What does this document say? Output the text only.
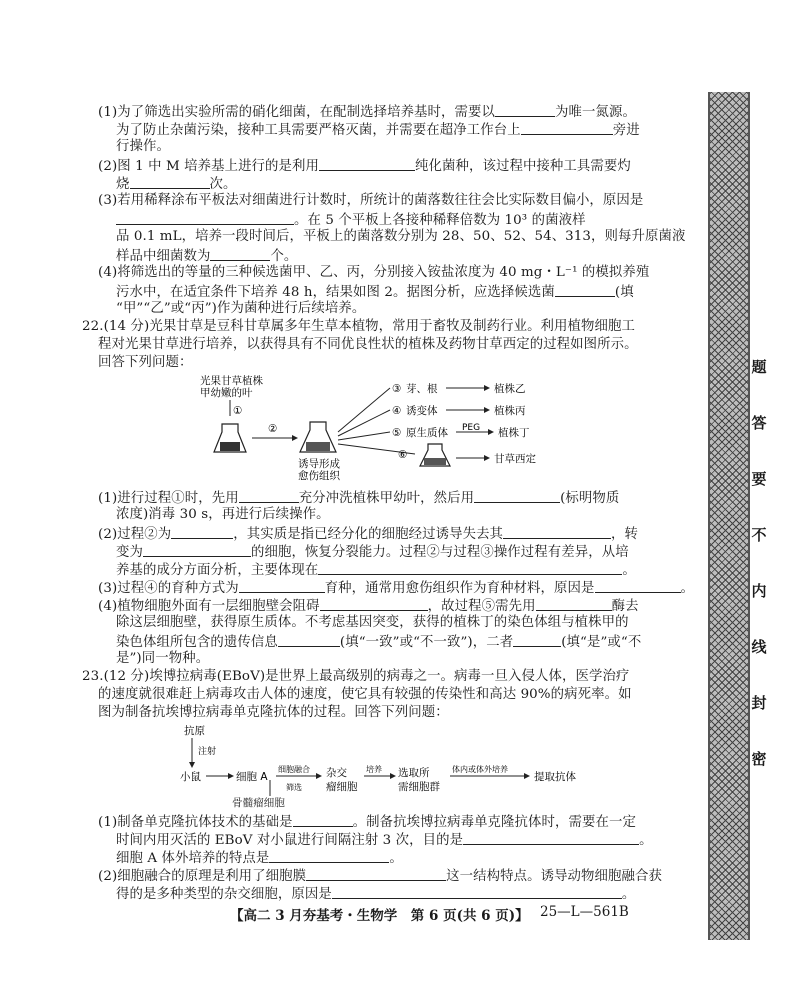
题
答
要
不
内
线
封
密
(1)为了筛选出实验所需的硝化细菌，在配制选择培养基时，需要以	为唯一氮源。
为了防止杂菌污染，接种工具需要严格灭菌，并需要在超净工作台上	旁进
行操作。
(2)图 1 中 M 培养基上进行的是利用	纯化菌种，该过程中接种工具需要灼
烧	次。
(3)若用稀释涂布平板法对细菌进行计数时，所统计的菌落数往往会比实际数目偏小，原因是
。在 5 个平板上各接种稀释倍数为 10³ 的菌液样
品 0.1 mL，培养一段时间后，平板上的菌落数分别为 28、50、52、54、313，则每升原菌液
样品中细菌数为	个。
(4)将筛选出的等量的三种候选菌甲、乙、丙，分别接入铵盐浓度为 40 mg・L⁻¹ 的模拟养殖
污水中，在适宜条件下培养 48 h，结果如图 2。据图分析，应选择候选菌	(填
“甲”“乙”或“丙”)作为菌种进行后续培养。
22.(14 分)光果甘草是豆科甘草属多年生草本植物，常用于畜牧及制药行业。利用植物细胞工
程对光果甘草进行培养，以获得具有不同优良性状的植株及药物甘草西定的过程如图所示。
回答下列问题：
光果甘草植株
甲幼嫩的叶
①
②
诱导形成
愈伤组织
③ 芽、根	植株乙
④ 诱变体	植株丙
⑤ 原生质体 PEG 植株丁
⑥	甘草西定
(1)进行过程①时，先用	充分冲洗植株甲幼叶，然后用	(标明物质
浓度)消毒 30 s，再进行后续操作。
(2)过程②为	，其实质是指已经分化的细胞经过诱导失去其	，转
变为	的细胞，恢复分裂能力。过程②与过程③操作过程有差异，从培
养基的成分方面分析，主要体现在	。
(3)过程④的育种方式为	育种，通常用愈伤组织作为育种材料，原因是	。
(4)植物细胞外面有一层细胞壁会阻碍	，故过程⑤需先用	酶去
除这层细胞壁，获得原生质体。不考虑基因突变，获得的植株丁的染色体组与植株甲的
染色体组所包含的遗传信息	(填“一致”或“不一致”)，二者	(填“是”或“不
是”)同一物种。
23.(12 分)埃博拉病毒(EBoV)是世界上最高级别的病毒之一。病毒一旦入侵人体，医学治疗
的速度就很难赶上病毒攻击人体的速度，使它具有较强的传染性和高达 90%的病死率。如
图为制备抗埃博拉病毒单克隆抗体的过程。回答下列问题：
抗原
注射
小鼠	细胞 A
细胞融合
筛选
杂交
瘤细胞
培养 选取所
需细胞群
体内或体外培养
提取抗体
骨髓瘤细胞
(1)制备单克隆抗体技术的基础是	。制备抗埃博拉病毒单克隆抗体时，需要在一定
时间内用灭活的 EBoV 对小鼠进行间隔注射 3 次，目的是	。
细胞 A 体外培养的特点是	。
(2)细胞融合的原理是利用了细胞膜	这一结构特点。诱导动物细胞融合获
得的是多种类型的杂交细胞，原因是	。
【高二 3 月夯基考・生物学　第 6 页(共 6 页)】 25—L—561B
